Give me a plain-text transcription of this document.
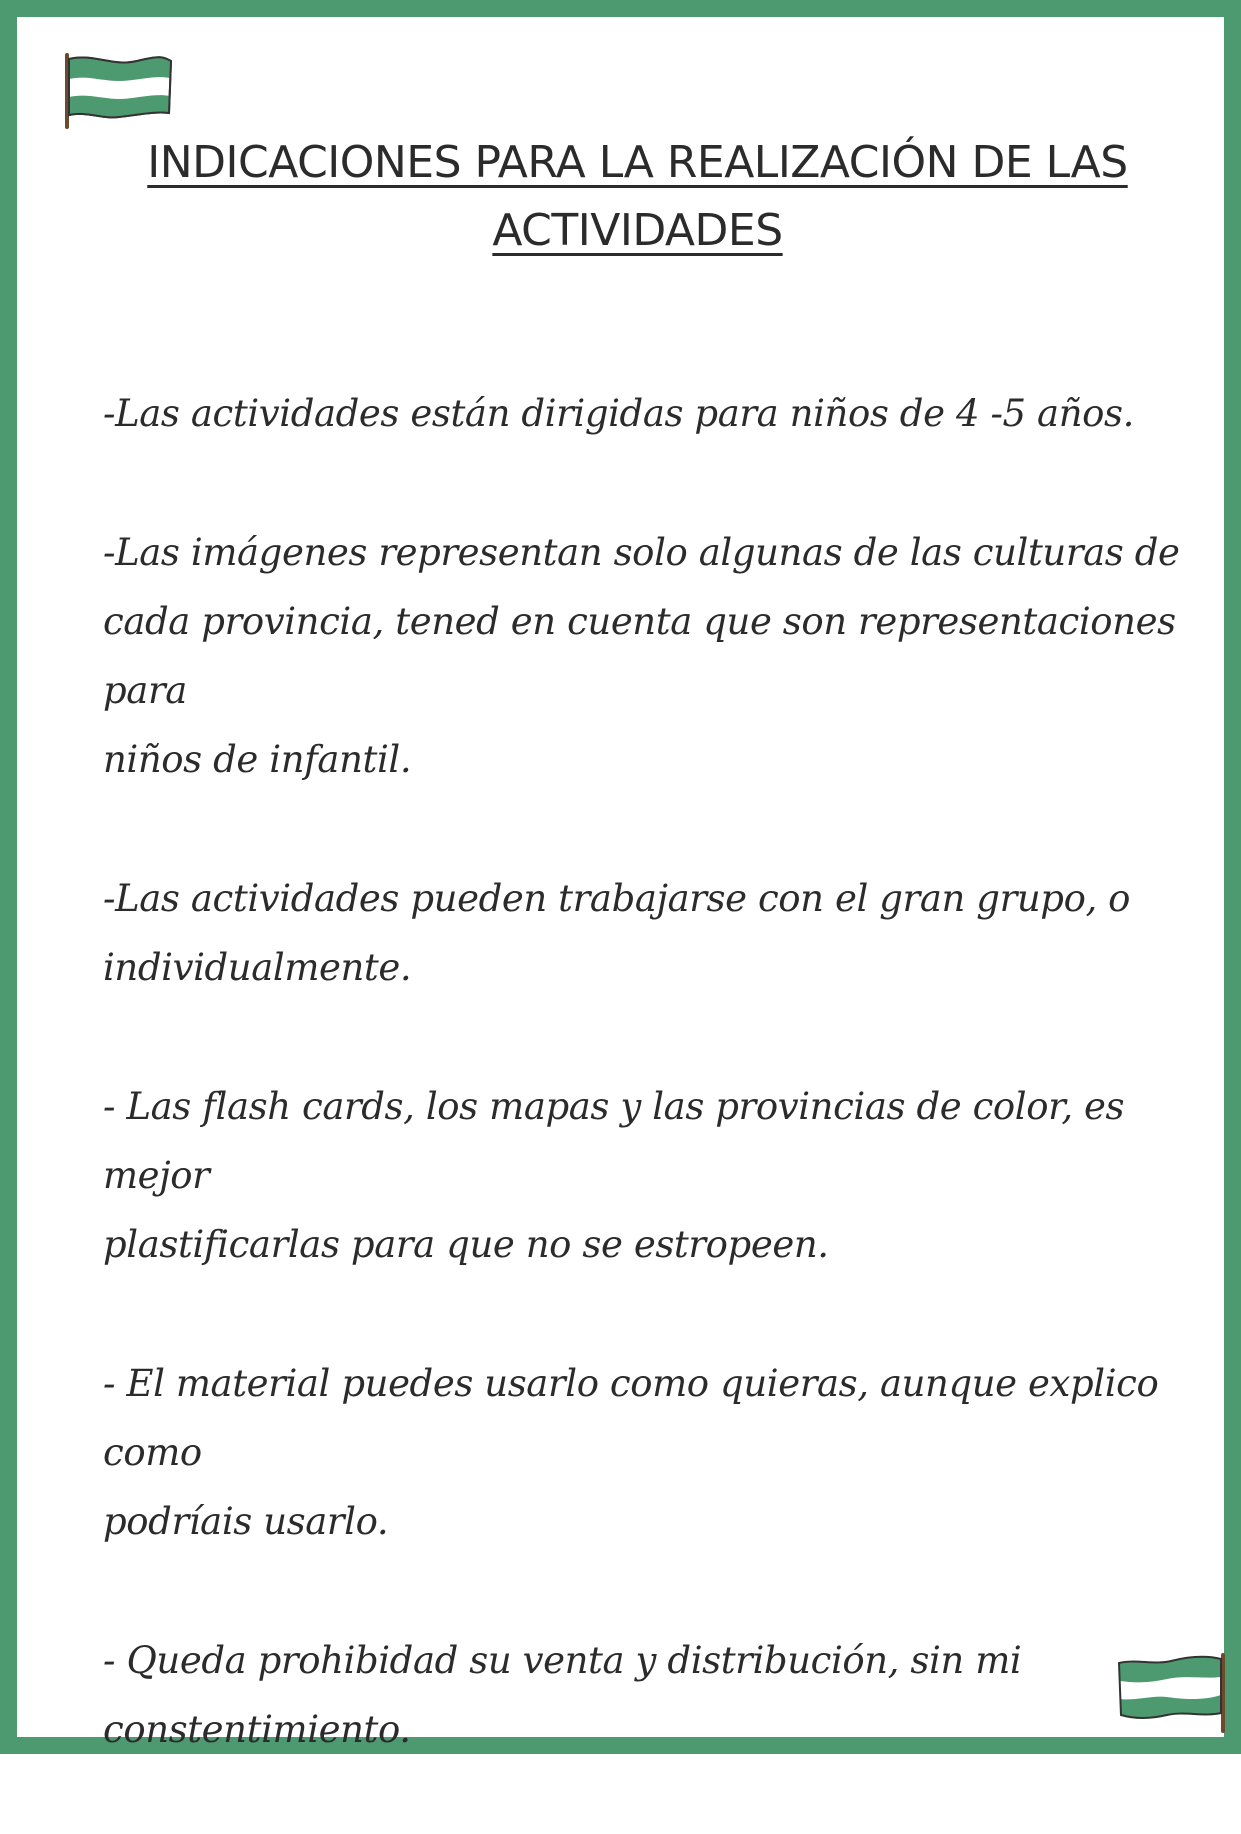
INDICACIONES PARA LA REALIZACIÓN DE LAS
ACTIVIDADES

-Las actividades están dirigidas para niños de 4 -5 años.

-Las imágenes representan solo algunas de las culturas de
cada provincia, tened en cuenta que son representaciones para
niños de infantil.

-Las actividades pueden trabajarse con el gran grupo, o
individualmente.

- Las flash cards, los mapas y las provincias de color, es mejor
plastificarlas para que no se estropeen.

- El material puedes usarlo como quieras, aunque explico como
podríais usarlo.

- Queda prohibidad su venta y distribución, sin mi
constentimiento.
